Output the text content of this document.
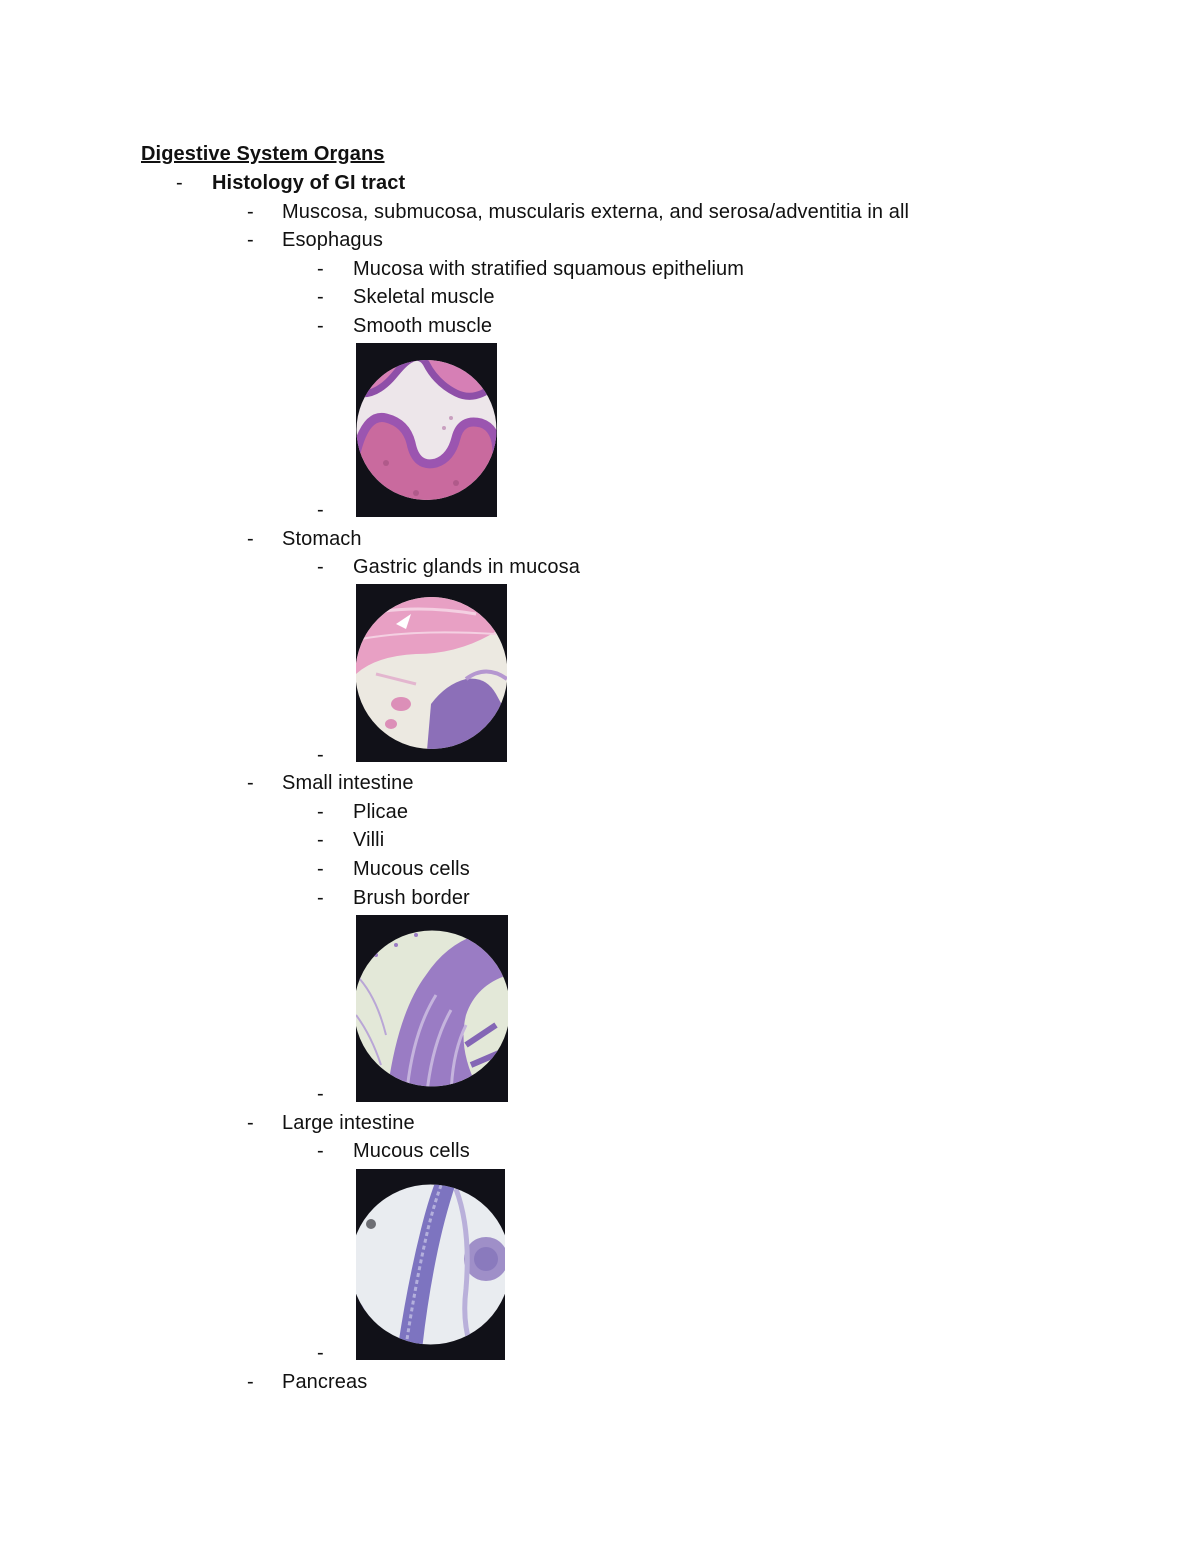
Digestive System Organs
- Histology of GI tract
- Muscosa, submucosa, muscularis externa, and serosa/adventitia in all
- Esophagus
- Mucosa with stratified squamous epithelium
- Skeletal muscle
- Smooth muscle
-
- Stomach
- Gastric glands in mucosa
-
- Small intestine
- Plicae
- Villi
- Mucous cells
- Brush border
-
- Large intestine
- Mucous cells
-
- Pancreas
